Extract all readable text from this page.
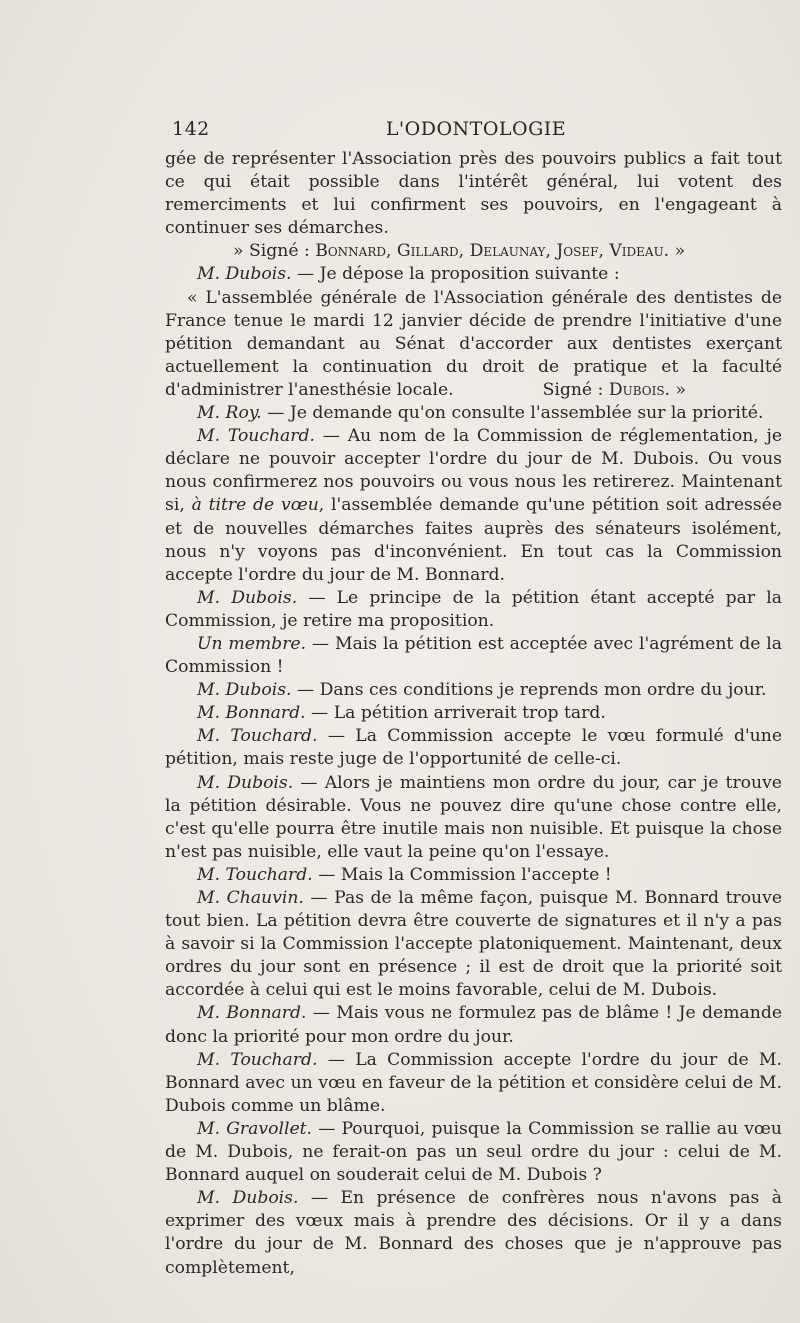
142	L'ODONTOLOGIE

gée de représenter l'Association près des pouvoirs publics a fait tout ce qui était possible dans l'intérêt général, lui votent des remerciments et lui confirment ses pouvoirs, en l'engageant à continuer ses démarches.

» Signé : Bonnard, Gillard, Delaunay, Josef, Videau. »

M. Dubois. — Je dépose la proposition suivante :

« L'assemblée générale de l'Association générale des dentistes de France tenue le mardi 12 janvier décide de prendre l'initiative d'une pétition demandant au Sénat d'accorder aux dentistes exerçant actuellement la continuation du droit de pratique et la faculté d'administrer l'anesthésie locale.	Signé : Dubois. »

M. Roy. — Je demande qu'on consulte l'assemblée sur la priorité.

M. Touchard. — Au nom de la Commission de réglementation, je déclare ne pouvoir accepter l'ordre du jour de M. Dubois. Ou vous nous confirmerez nos pouvoirs ou vous nous les retirerez. Maintenant si, à titre de vœu, l'assemblée demande qu'une pétition soit adressée et de nouvelles démarches faites auprès des sénateurs isolément, nous n'y voyons pas d'inconvénient. En tout cas la Commission accepte l'ordre du jour de M. Bonnard.

M. Dubois. — Le principe de la pétition étant accepté par la Commission, je retire ma proposition.

Un membre. — Mais la pétition est acceptée avec l'agrément de la Commission !

M. Dubois. — Dans ces conditions je reprends mon ordre du jour.

M. Bonnard. — La pétition arriverait trop tard.

M. Touchard. — La Commission accepte le vœu formulé d'une pétition, mais reste juge de l'opportunité de celle-ci.

M. Dubois. — Alors je maintiens mon ordre du jour, car je trouve la pétition désirable. Vous ne pouvez dire qu'une chose contre elle, c'est qu'elle pourra être inutile mais non nuisible. Et puisque la chose n'est pas nuisible, elle vaut la peine qu'on l'essaye.

M. Touchard. — Mais la Commission l'accepte !

M. Chauvin. — Pas de la même façon, puisque M. Bonnard trouve tout bien. La pétition devra être couverte de signatures et il n'y a pas à savoir si la Commission l'accepte platoniquement. Maintenant, deux ordres du jour sont en présence ; il est de droit que la priorité soit accordée à celui qui est le moins favorable, celui de M. Dubois.

M. Bonnard. — Mais vous ne formulez pas de blâme ! Je demande donc la priorité pour mon ordre du jour.

M. Touchard. — La Commission accepte l'ordre du jour de M. Bonnard avec un vœu en faveur de la pétition et considère celui de M. Dubois comme un blâme.

M. Gravollet. — Pourquoi, puisque la Commission se rallie au vœu de M. Dubois, ne ferait-on pas un seul ordre du jour : celui de M. Bonnard auquel on souderait celui de M. Dubois ?

M. Dubois. — En présence de confrères nous n'avons pas à exprimer des vœux mais à prendre des décisions. Or il y a dans l'ordre du jour de M. Bonnard des choses que je n'approuve pas complètement,
